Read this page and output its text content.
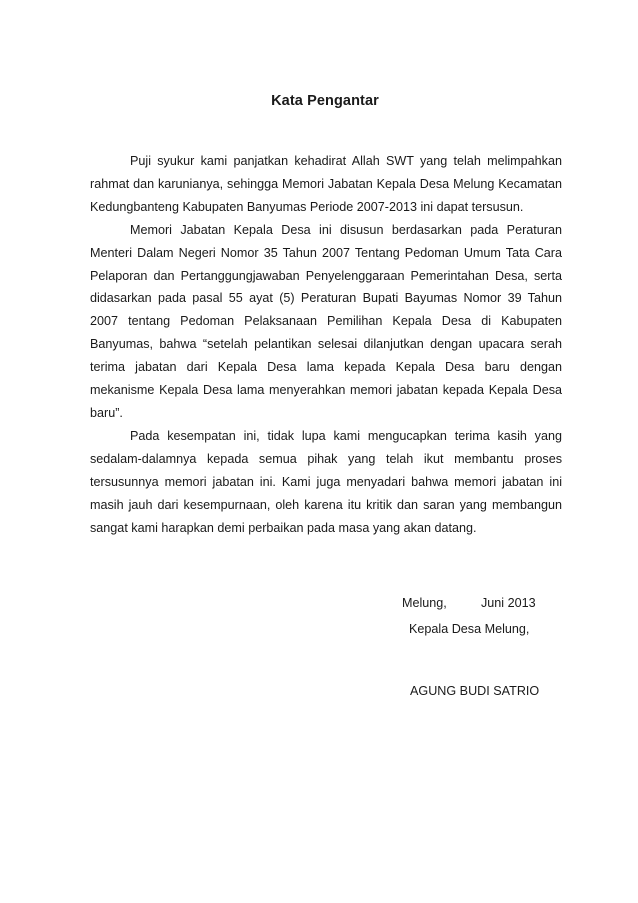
Kata Pengantar

Puji syukur kami panjatkan kehadirat Allah SWT yang telah melimpahkan rahmat dan karunianya, sehingga Memori Jabatan Kepala Desa Melung Kecamatan Kedungbanteng Kabupaten Banyumas Periode 2007-2013 ini dapat tersusun.

Memori Jabatan Kepala Desa ini disusun berdasarkan pada Peraturan Menteri Dalam Negeri Nomor 35 Tahun 2007 Tentang Pedoman Umum Tata Cara Pelaporan dan Pertanggungjawaban Penyelenggaraan Pemerintahan Desa, serta didasarkan pada pasal 55 ayat (5) Peraturan Bupati Bayumas Nomor 39 Tahun 2007 tentang Pedoman Pelaksanaan Pemilihan Kepala Desa di Kabupaten Banyumas, bahwa “setelah pelantikan selesai dilanjutkan dengan upacara serah terima jabatan dari Kepala Desa lama kepada Kepala Desa baru dengan mekanisme Kepala Desa lama menyerahkan memori jabatan kepada Kepala Desa baru”.

Pada kesempatan ini, tidak lupa kami mengucapkan terima kasih yang sedalam-dalamnya kepada semua pihak yang telah ikut membantu proses tersusunnya memori jabatan ini. Kami juga menyadari bahwa memori jabatan ini masih jauh dari kesempurnaan, oleh karena itu kritik dan saran yang membangun sangat kami harapkan demi perbaikan pada masa yang akan datang.

Melung,	Juni 2013
Kepala Desa Melung,
AGUNG BUDI SATRIO
